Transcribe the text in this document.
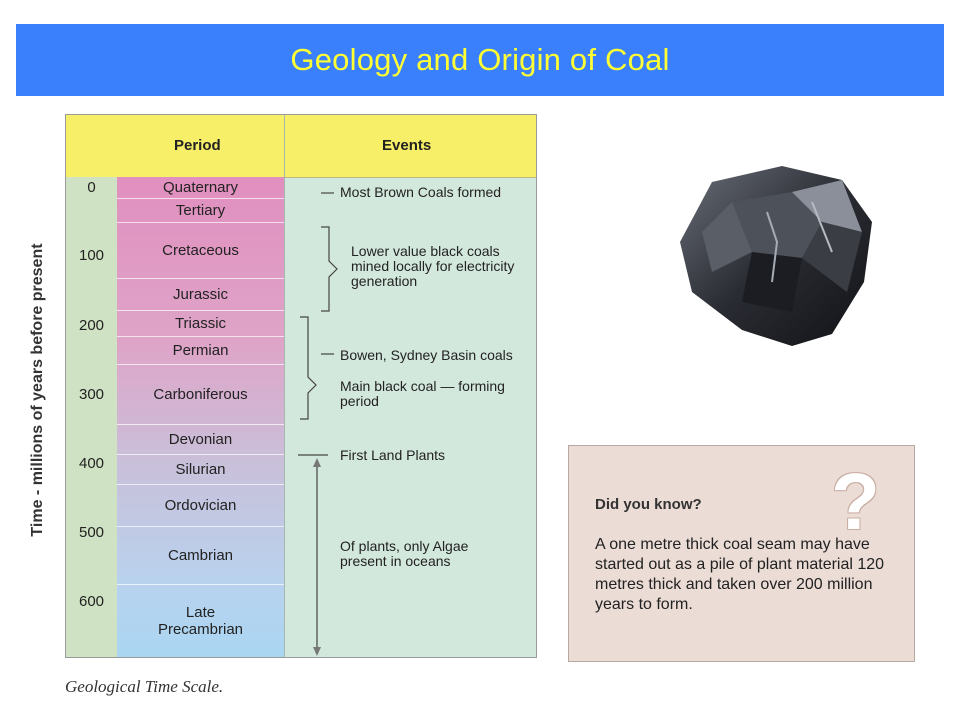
Geology and Origin of Coal
Time - millions of years before present
Period	Events
0
100
200
300
400
500
600
Quaternary
Tertiary
Cretaceous
Jurassic
Triassic
Permian
Carboniferous
Devonian
Silurian
Ordovician
Cambrian
Late Precambrian
Most Brown Coals formed
Lower value black coals mined locally for electricity generation
Bowen, Sydney Basin coals
Main black coal — forming period
First Land Plants
Of plants, only Algae present in oceans
Geological Time Scale.
?
Did you know?
A one metre thick coal seam may have started out as a pile of plant material 120 metres thick and taken over 200 million years to form.
